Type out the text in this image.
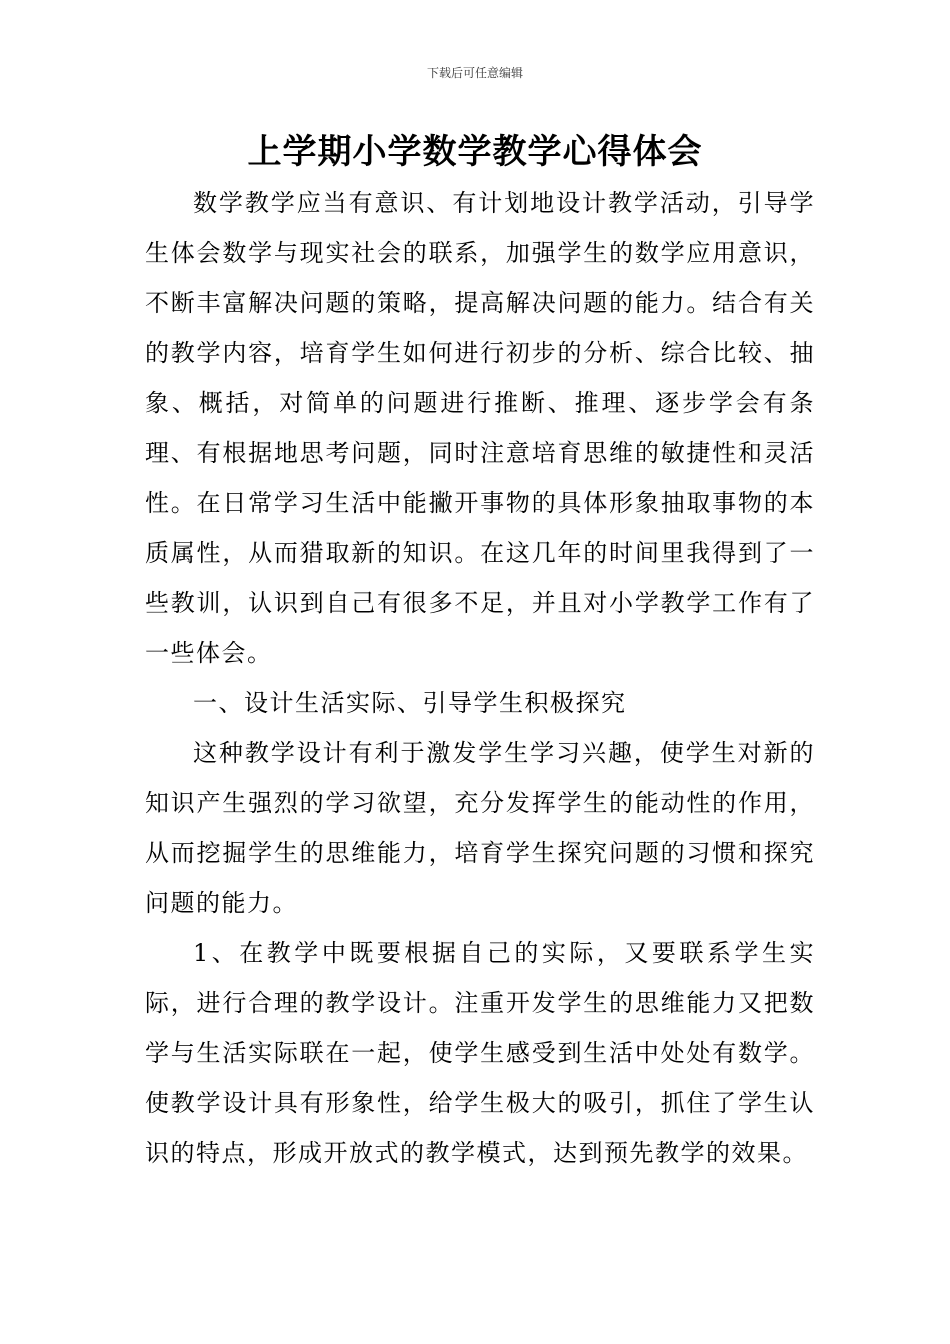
下载后可任意编辑
上学期小学数学教学心得体会

数学教学应当有意识、有计划地设计教学活动，引导学生体会数学与现实社会的联系，加强学生的数学应用意识，不断丰富解决问题的策略，提高解决问题的能力。结合有关的教学内容，培育学生如何进行初步的分析、综合比较、抽象、概括，对简单的问题进行推断、推理、逐步学会有条理、有根据地思考问题，同时注意培育思维的敏捷性和灵活性。在日常学习生活中能撇开事物的具体形象抽取事物的本质属性，从而猎取新的知识。在这几年的时间里我得到了一些教训，认识到自己有很多不足，并且对小学教学工作有了一些体会。

一、设计生活实际、引导学生积极探究

这种教学设计有利于激发学生学习兴趣，使学生对新的知识产生强烈的学习欲望，充分发挥学生的能动性的作用，从而挖掘学生的思维能力，培育学生探究问题的习惯和探究问题的能力。

1、在教学中既要根据自己的实际，又要联系学生实际，进行合理的教学设计。注重开发学生的思维能力又把数学与生活实际联在一起，使学生感受到生活中处处有数学。使教学设计具有形象性，给学生极大的吸引，抓住了学生认识的特点，形成开放式的教学模式，达到预先教学的效果。
